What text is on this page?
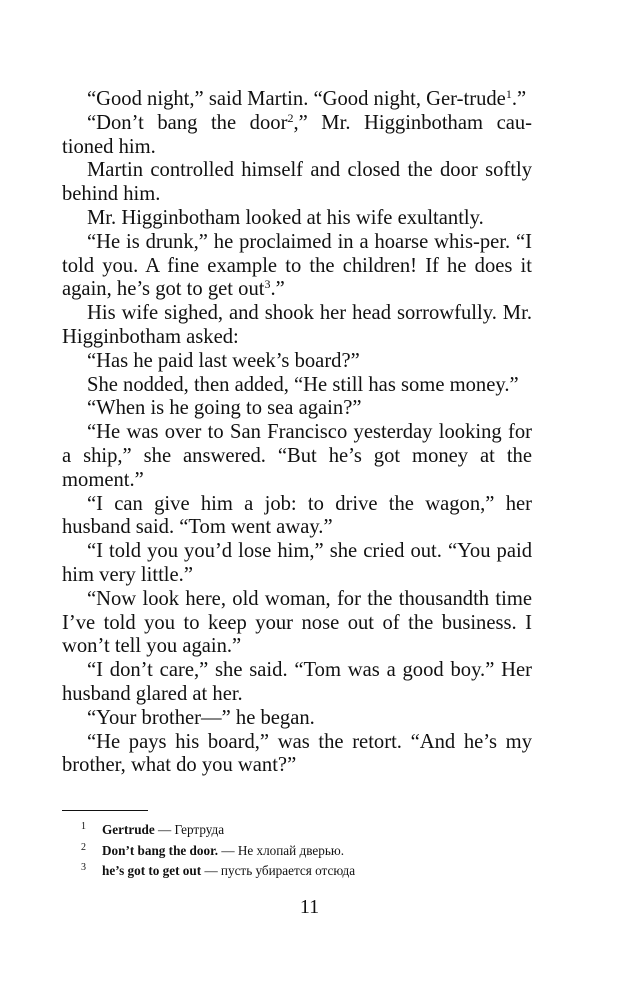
“Good night,” said Martin. “Good night, Ger-trude$^1$.”

“Don’t bang the door$^2$,” Mr. Higginbotham cau-tioned him.

Martin controlled himself and closed the door softly behind him.

Mr. Higginbotham looked at his wife exultantly.

“He is drunk,” he proclaimed in a hoarse whis-per. “I told you. A fine example to the children! If he does it again, he’s got to get out$^3$.”

His wife sighed, and shook her head sorrowfully. Mr. Higginbotham asked:

“Has he paid last week’s board?”

She nodded, then added, “He still has some money.”

“When is he going to sea again?”

“He was over to San Francisco yesterday looking for a ship,” she answered. “But he’s got money at the moment.”

“I can give him a job: to drive the wagon,” her husband said. “Tom went away.”

“I told you you’d lose him,” she cried out. “You paid him very little.”

“Now look here, old woman, for the thousandth time I’ve told you to keep your nose out of the business. I won’t tell you again.”

“I don’t care,” she said. “Tom was a good boy.” Her husband glared at her.

“Your brother—” he began.

“He pays his board,” was the retort. “And he’s my brother, what do you want?”

1 Gertrude — Гертруда
2 Don’t bang the door. — Не хлопай дверью.
3 he’s got to get out — пусть убирается отсюда
11
